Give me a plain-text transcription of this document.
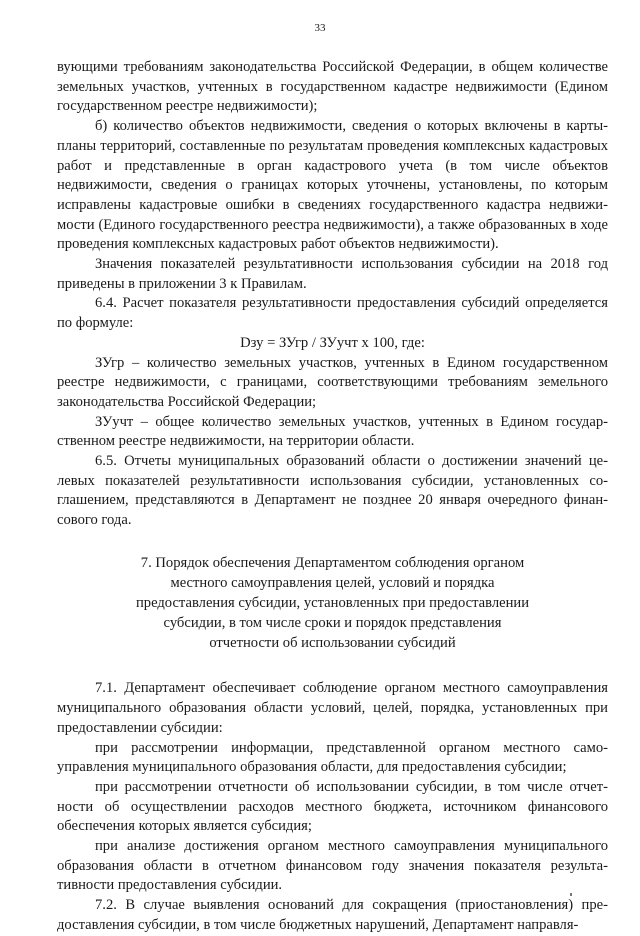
33

вующими требованиям законодательства Российской Федерации, в общем количестве земельных участков, учтенных в государственном кадастре недвижимости (Едином государственном реестре недвижимости);

б) количество объектов недвижимости, сведения о которых включены в карты-планы территорий, составленные по результатам проведения комплексных кадастровых работ и представленные в орган кадастрового учета (в том числе объектов недвижимости, сведения о границах которых уточнены, установлены, по которым исправлены кадастровые ошибки в сведениях государственного кадастра недвижимости (Единого государственного реестра недвижимости), а также образованных в ходе проведения комплексных кадастровых работ объектов недвижимости).

Значения показателей результативности использования субсидии на 2018 год приведены в приложении 3 к Правилам.

6.4. Расчет показателя результативности предоставления субсидий определяется по формуле:

Dзу = ЗУгр / ЗУучт х 100, где:

ЗУгр – количество земельных участков, учтенных в Едином государственном реестре недвижимости, с границами, соответствующими требованиям земельного законодательства Российской Федерации;

ЗУучт – общее количество земельных участков, учтенных в Едином государственном реестре недвижимости, на территории области.

6.5. Отчеты муниципальных образований области о достижении значений целевых показателей результативности использования субсидии, установленных соглашением, представляются в Департамент не позднее 20 января очередного финансового года.

7. Порядок обеспечения Департаментом соблюдения органом
местного самоуправления целей, условий и порядка
предоставления субсидии, установленных при предоставлении
субсидии, в том числе сроки и порядок представления
отчетности об использовании субсидий

7.1. Департамент обеспечивает соблюдение органом местного самоуправления муниципального образования области условий, целей, порядка, установленных при предоставлении субсидии:

при рассмотрении информации, представленной органом местного самоуправления муниципального образования области, для предоставления субсидии;

при рассмотрении отчетности об использовании субсидии, в том числе отчетности об осуществлении расходов местного бюджета, источником финансового обеспечения которых является субсидия;

при анализе достижения органом местного самоуправления муниципального образования области в отчетном финансовом году значения показателя результативности предоставления субсидии.

7.2. В случае выявления оснований для сокращения (приостановления) предоставления субсидии, в том числе бюджетных нарушений, Департамент направля-
